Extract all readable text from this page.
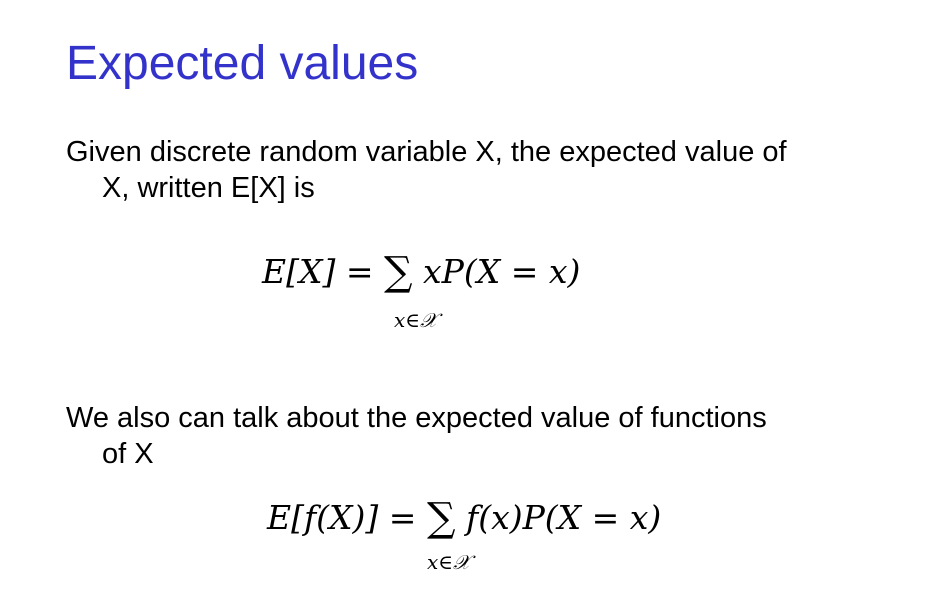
Expected values
Given discrete random variable X, the expected value of
X, written E[X] is
E[X] = ∑ xP(X = x)
x∈𝒳
We also can talk about the expected value of functions
of X
E[f(X)] = ∑ f(x)P(X = x)
x∈𝒳
